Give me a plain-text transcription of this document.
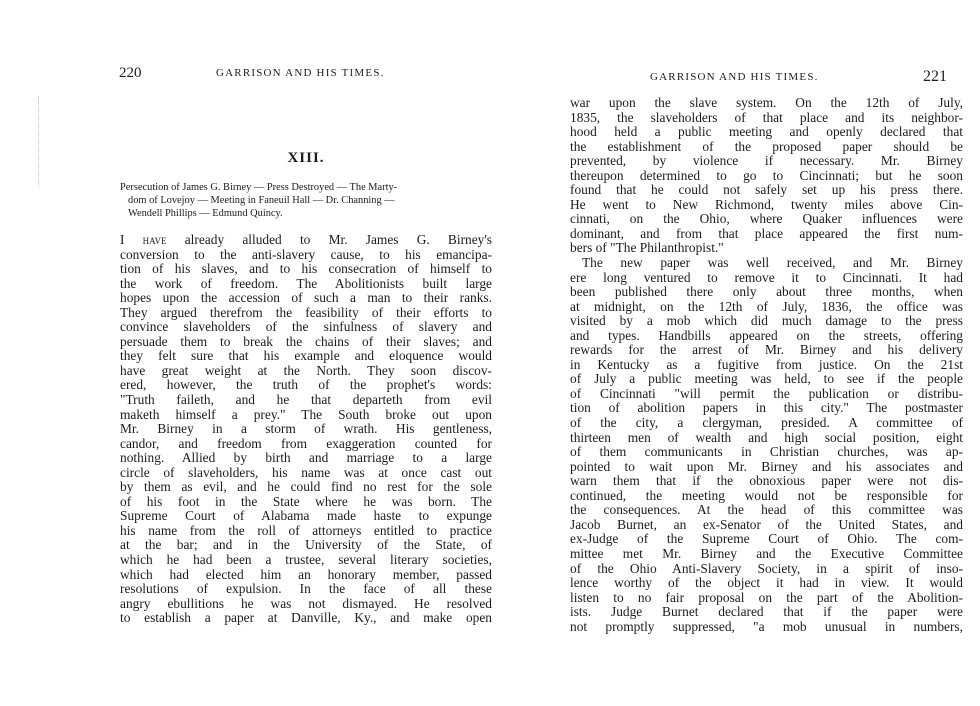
220	GARRISON AND HIS TIMES.
XIII.
Persecution of James G. Birney — Press Destroyed — The Marty-
dom of Lovejoy — Meeting in Faneuil Hall — Dr. Channing —
Wendell Phillips — Edmund Quincy.
I have already alluded to Mr. James G. Birney's
conversion to the anti-slavery cause, to his emancipa-
tion of his slaves, and to his consecration of himself to
the work of freedom. The Abolitionists built large
hopes upon the accession of such a man to their ranks.
They argued therefrom the feasibility of their efforts to
convince slaveholders of the sinfulness of slavery and
persuade them to break the chains of their slaves; and
they felt sure that his example and eloquence would
have great weight at the North. They soon discov-
ered, however, the truth of the prophet's words:
"Truth faileth, and he that departeth from evil
maketh himself a prey." The South broke out upon
Mr. Birney in a storm of wrath. His gentleness,
candor, and freedom from exaggeration counted for
nothing. Allied by birth and marriage to a large
circle of slaveholders, his name was at once cast out
by them as evil, and he could find no rest for the sole
of his foot in the State where he was born. The
Supreme Court of Alabama made haste to expunge
his name from the roll of attorneys entitled to practice
at the bar; and in the University of the State, of
which he had been a trustee, several literary societies,
which had elected him an honorary member, passed
resolutions of expulsion. In the face of all these
angry ebullitions he was not dismayed. He resolved
to establish a paper at Danville, Ky., and make open
GARRISON AND HIS TIMES.	221
war upon the slave system. On the 12th of July,
1835, the slaveholders of that place and its neighbor-
hood held a public meeting and openly declared that
the establishment of the proposed paper should be
prevented, by violence if necessary. Mr. Birney
thereupon determined to go to Cincinnati; but he soon
found that he could not safely set up his press there.
He went to New Richmond, twenty miles above Cin-
cinnati, on the Ohio, where Quaker influences were
dominant, and from that place appeared the first num-
bers of "The Philanthropist."
The new paper was well received, and Mr. Birney
ere long ventured to remove it to Cincinnati. It had
been published there only about three months, when
at midnight, on the 12th of July, 1836, the office was
visited by a mob which did much damage to the press
and types. Handbills appeared on the streets, offering
rewards for the arrest of Mr. Birney and his delivery
in Kentucky as a fugitive from justice. On the 21st
of July a public meeting was held, to see if the people
of Cincinnati "will permit the publication or distribu-
tion of abolition papers in this city." The postmaster
of the city, a clergyman, presided. A committee of
thirteen men of wealth and high social position, eight
of them communicants in Christian churches, was ap-
pointed to wait upon Mr. Birney and his associates and
warn them that if the obnoxious paper were not dis-
continued, the meeting would not be responsible for
the consequences. At the head of this committee was
Jacob Burnet, an ex-Senator of the United States, and
ex-Judge of the Supreme Court of Ohio. The com-
mittee met Mr. Birney and the Executive Committee
of the Ohio Anti-Slavery Society, in a spirit of inso-
lence worthy of the object it had in view. It would
listen to no fair proposal on the part of the Abolition-
ists. Judge Burnet declared that if the paper were
not promptly suppressed, "a mob unusual in numbers,
